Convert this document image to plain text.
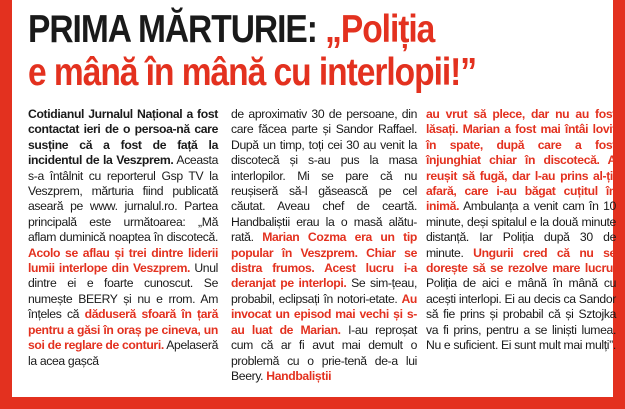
PRIMA MĂRTURIE: „Poliția
e mână în mână cu interlopii!”
Cotidianul Jurnalul Național a fost contactat ieri de o persoa-nă care susține că a fost de față la incidentul de la Veszprem. Aceasta s-a întâlnit cu reporterul Gsp TV la Veszprem, mărturia fiind publicată aseară pe www. jurnalul.ro. Partea principală este următoarea: „Mă aflam duminică noaptea în discotecă. Acolo se aflau și trei dintre liderii lumii interlope din Veszprem. Unul dintre ei e foarte cunoscut. Se numește BEERY și nu e rrom. Am înțeles că dăduseră sfoară în țară pentru a găsi în oraș pe cineva, un soi de reglare de conturi. Apelaseră la acea gașcă
de aproximativ 30 de persoane, din care făcea parte și Sandor Raffael. După un timp, toți cei 30 au venit la discotecă și s-au pus la masa interlopilor. Mi se pare că nu reușiseră să-l găsească pe cel căutat. Aveau chef de ceartă. Handbaliștii erau la o masă alătu-rată. Marian Cozma era un tip popular în Veszprem. Chiar se distra frumos. Acest lucru i-a deranjat pe interlopi. Se sim-țeau, probabil, eclipsați în notori-etate. Au invocat un episod mai vechi și s-au luat de Marian. I-au reproșat cum că ar fi avut mai demult o problemă cu o prie-tenă de-a lui Beery. Handbaliștii
au vrut să plece, dar nu au fost lăsați. Marian a fost mai întâi lovit în spate, după care a fost înjunghiat chiar în discotecă. A reușit să fugă, dar l-au prins al-ții afară, care i-au băgat cuțitul în inimă. Ambulanța a venit cam în 10 minute, deși spitalul e la două minute distanță. Iar Poliția după 30 de minute. Ungurii cred că nu se dorește să se rezolve mare lucru. Poliția de aici e mână în mână cu acești interlopi. Ei au decis ca Sandor să fie prins și probabil că și Sztojka va fi prins, pentru a se liniști lumea. Nu e suficient. Ei sunt mult mai mulți”.
